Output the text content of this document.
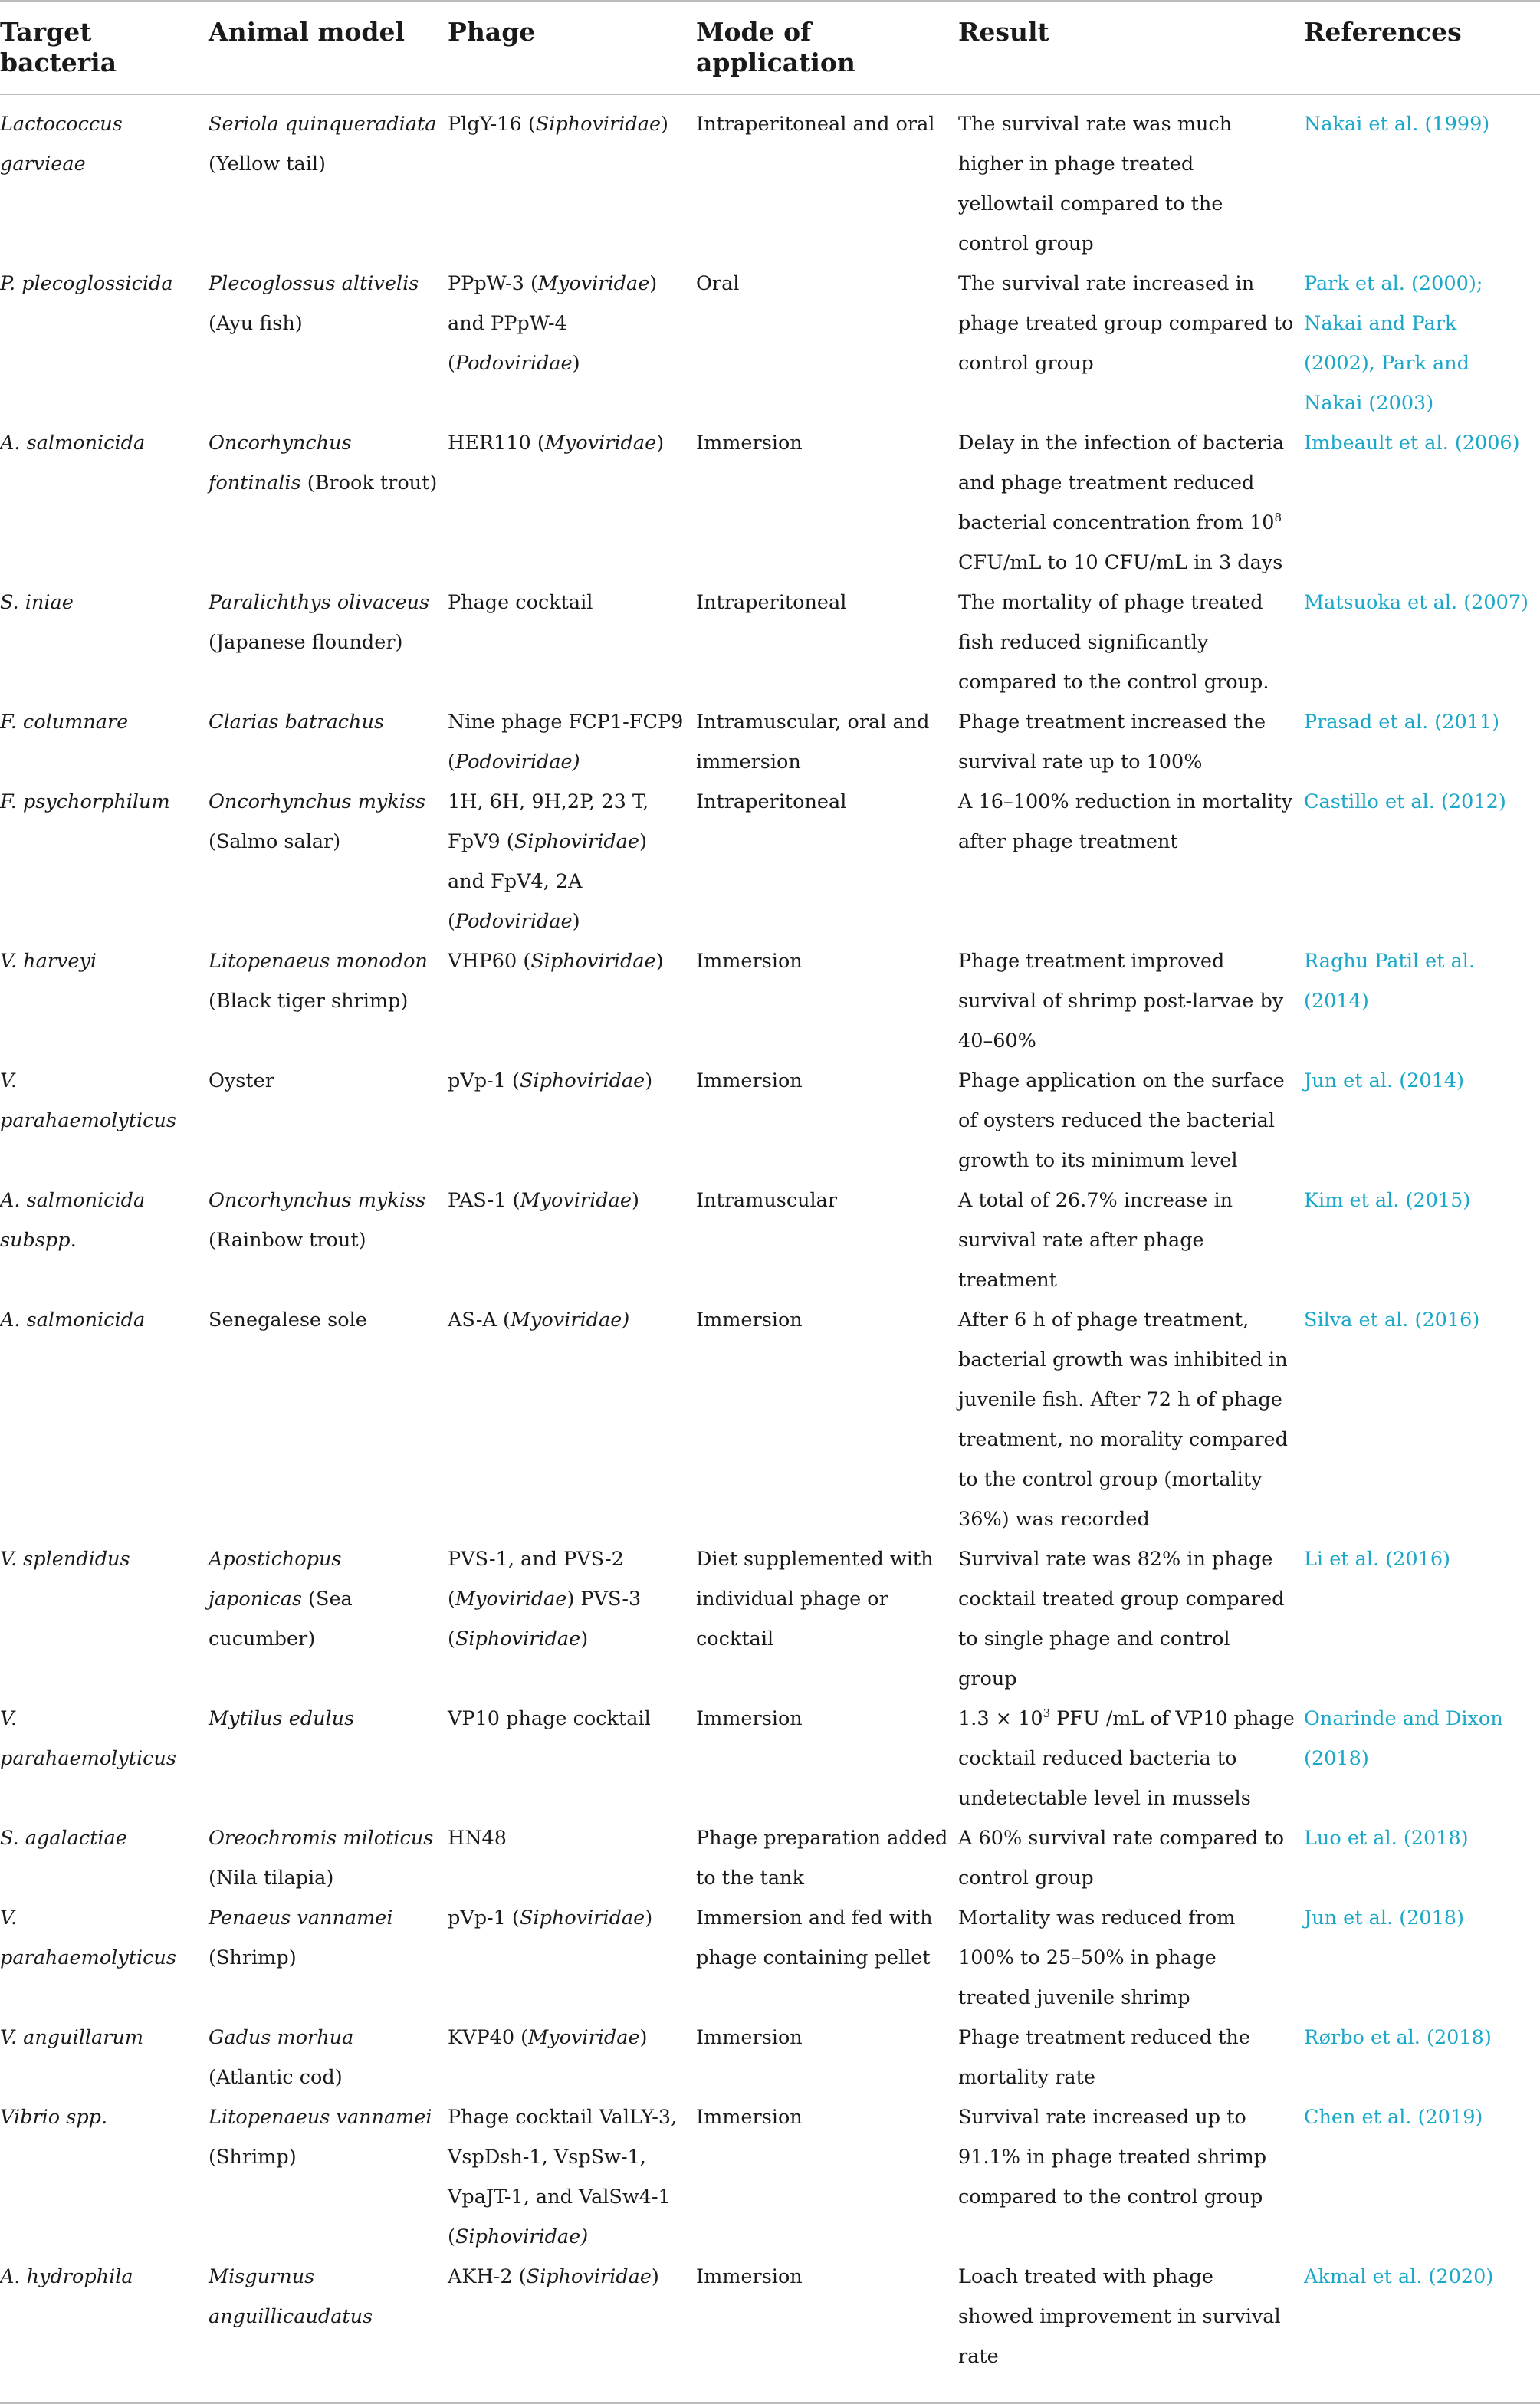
Target bacteria	Animal model	Phage	Mode of application	Result	References
Lactococcus garvieae	Seriola quinqueradiata (Yellow tail)	PlgY-16 (Siphoviridae)	Intraperitoneal and oral	The survival rate was much higher in phage treated yellowtail compared to the control group	Nakai et al. (1999)
P. plecoglossicida	Plecoglossus altivelis (Ayu fish)	PPpW-3 (Myoviridae) and PPpW-4 (Podoviridae)	Oral	The survival rate increased in phage treated group compared to control group	Park et al. (2000); Nakai and Park (2002), Park and Nakai (2003)
A. salmonicida	Oncorhynchus fontinalis (Brook trout)	HER110 (Myoviridae)	Immersion	Delay in the infection of bacteria and phage treatment reduced bacterial concentration from $10^8$ CFU/mL to 10 CFU/mL in 3 days	Imbeault et al. (2006)
S. iniae	Paralichthys olivaceus (Japanese flounder)	Phage cocktail	Intraperitoneal	The mortality of phage treated fish reduced significantly compared to the control group.	Matsuoka et al. (2007)
F. columnare	Clarias batrachus	Nine phage FCP1-FCP9 (Podoviridae)	Intramuscular, oral and immersion	Phage treatment increased the survival rate up to 100%	Prasad et al. (2011)
F. psychorphilum	Oncorhynchus mykiss (Salmo salar)	1H, 6H, 9H,2P, 23 T, FpV9 (Siphoviridae) and FpV4, 2A (Podoviridae)	Intraperitoneal	A 16–100% reduction in mortality after phage treatment	Castillo et al. (2012)
V. harveyi	Litopenaeus monodon (Black tiger shrimp)	VHP60 (Siphoviridae)	Immersion	Phage treatment improved survival of shrimp post-larvae by 40–60%	Raghu Patil et al. (2014)
V. parahaemolyticus	Oyster	pVp-1 (Siphoviridae)	Immersion	Phage application on the surface of oysters reduced the bacterial growth to its minimum level	Jun et al. (2014)
A. salmonicida subspp.	Oncorhynchus mykiss (Rainbow trout)	PAS-1 (Myoviridae)	Intramuscular	A total of 26.7% increase in survival rate after phage treatment	Kim et al. (2015)
A. salmonicida	Senegalese sole	AS-A (Myoviridae)	Immersion	After 6 h of phage treatment, bacterial growth was inhibited in juvenile fish. After 72 h of phage treatment, no morality compared to the control group (mortality 36%) was recorded	Silva et al. (2016)
V. splendidus	Apostichopus japonicas (Sea cucumber)	PVS-1, and PVS-2 (Myoviridae) PVS-3 (Siphoviridae)	Diet supplemented with individual phage or cocktail	Survival rate was 82% in phage cocktail treated group compared to single phage and control group	Li et al. (2016)
V. parahaemolyticus	Mytilus edulus	VP10 phage cocktail	Immersion	$1.3 \times 10^3$ PFU /mL of VP10 phage cocktail reduced bacteria to undetectable level in mussels	Onarinde and Dixon (2018)
S. agalactiae	Oreochromis miloticus (Nila tilapia)	HN48	Phage preparation added to the tank	A 60% survival rate compared to control group	Luo et al. (2018)
V. parahaemolyticus	Penaeus vannamei (Shrimp)	pVp-1 (Siphoviridae)	Immersion and fed with phage containing pellet	Mortality was reduced from 100% to 25–50% in phage treated juvenile shrimp	Jun et al. (2018)
V. anguillarum	Gadus morhua (Atlantic cod)	KVP40 (Myoviridae)	Immersion	Phage treatment reduced the mortality rate	Rørbo et al. (2018)
Vibrio spp.	Litopenaeus vannamei (Shrimp)	Phage cocktail ValLY-3, VspDsh-1, VspSw-1, VpaJT-1, and ValSw4-1 (Siphoviridae)	Immersion	Survival rate increased up to 91.1% in phage treated shrimp compared to the control group	Chen et al. (2019)
A. hydrophila	Misgurnus anguillicaudatus	AKH-2 (Siphoviridae)	Immersion	Loach treated with phage showed improvement in survival rate	Akmal et al. (2020)
